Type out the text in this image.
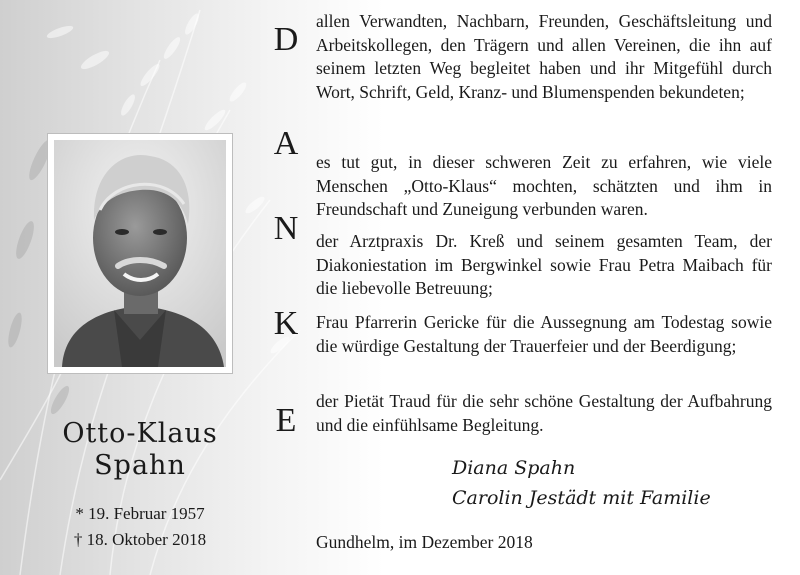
Otto-Klaus
Spahn
* 19. Februar 1957
† 18. Oktober 2018
D
A
N
K
E

allen Verwandten, Nachbarn, Freunden, Geschäftsleitung und Arbeitskollegen, den Trägern und allen Vereinen, die ihn auf seinem letzten Weg begleitet haben und ihr Mitgefühl durch Wort, Schrift, Geld, Kranz- und Blumenspenden bekundeten;

es tut gut, in dieser schweren Zeit zu erfahren, wie viele Menschen „Otto-Klaus“ mochten, schätzten und ihm in Freundschaft und Zuneigung verbunden waren.

der Arztpraxis Dr. Kreß und seinem gesamten Team, der Diakoniestation im Bergwinkel sowie Frau Petra Maibach für die liebevolle Betreuung;

Frau Pfarrerin Gericke für die Aussegnung am Todestag sowie die würdige Gestaltung der Trauerfeier und der Beerdigung;

der Pietät Traud für die sehr schöne Gestaltung der Aufbahrung und die einfühlsame Begleitung.

Diana Spahn
Carolin Jestädt mit Familie
Gundhelm, im Dezember 2018
